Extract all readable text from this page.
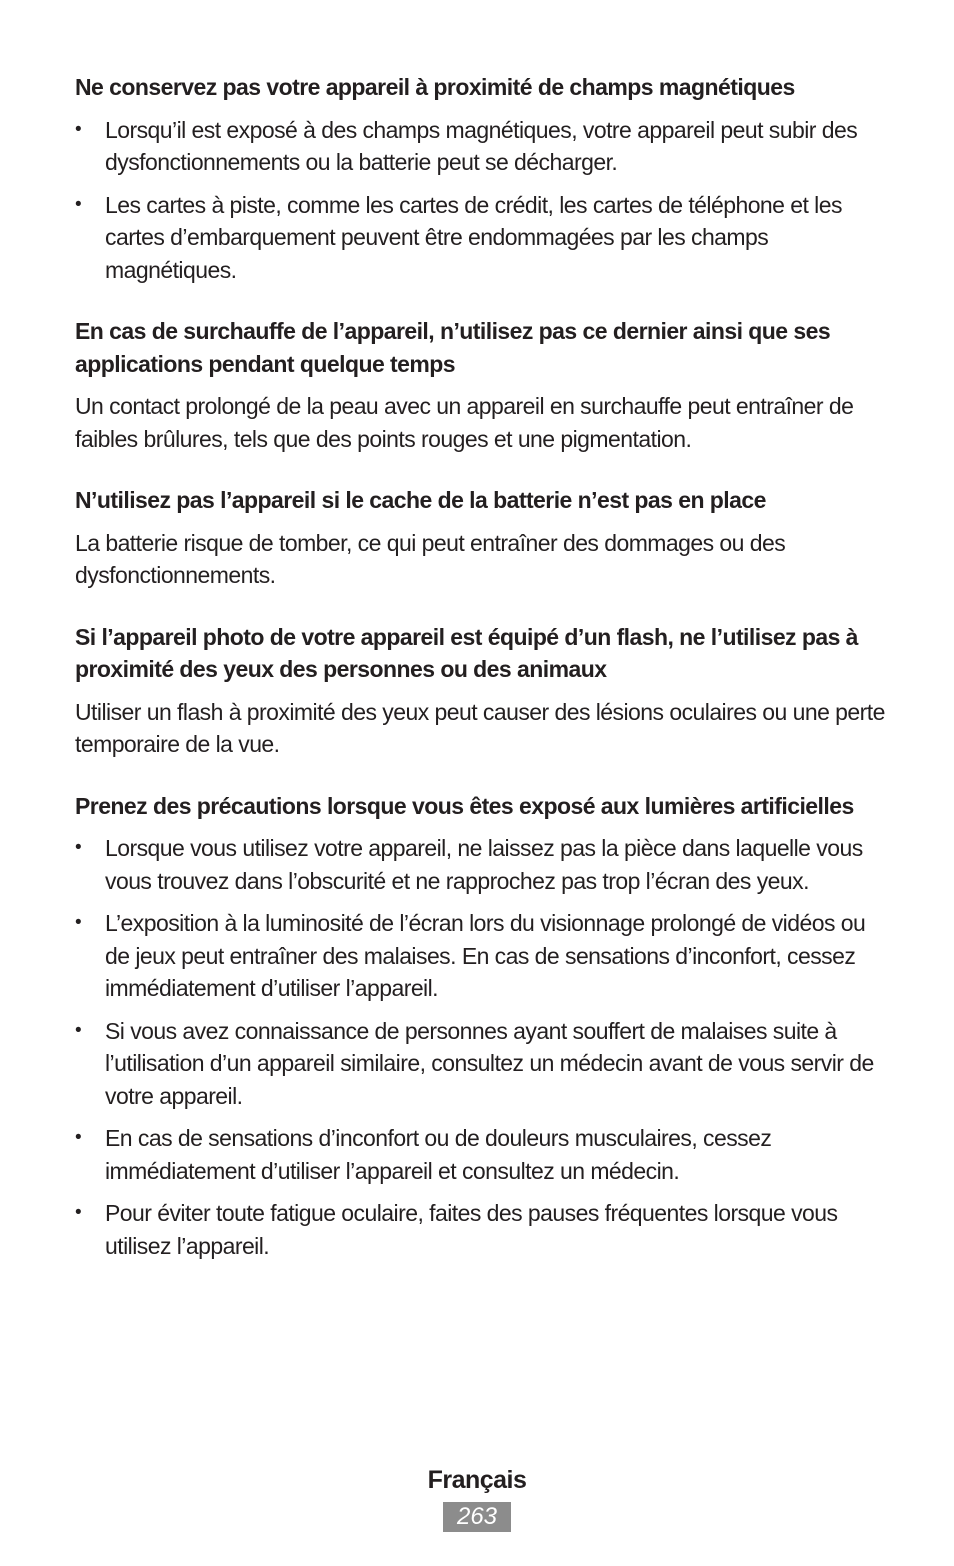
Ne conservez pas votre appareil à proximité de champs magnétiques
• Lorsqu’il est exposé à des champs magnétiques, votre appareil peut subir des dysfonctionnements ou la batterie peut se décharger.
• Les cartes à piste, comme les cartes de crédit, les cartes de téléphone et les cartes d’embarquement peuvent être endommagées par les champs magnétiques.
En cas de surchauffe de l’appareil, n’utilisez pas ce dernier ainsi que ses applications pendant quelque temps

Un contact prolongé de la peau avec un appareil en surchauffe peut entraîner de faibles brûlures, tels que des points rouges et une pigmentation.

N’utilisez pas l’appareil si le cache de la batterie n’est pas en place

La batterie risque de tomber, ce qui peut entraîner des dommages ou des dysfonctionnements.

Si l’appareil photo de votre appareil est équipé d’un flash, ne l’utilisez pas à proximité des yeux des personnes ou des animaux

Utiliser un flash à proximité des yeux peut causer des lésions oculaires ou une perte temporaire de la vue.

Prenez des précautions lorsque vous êtes exposé aux lumières artificielles
• Lorsque vous utilisez votre appareil, ne laissez pas la pièce dans laquelle vous vous trouvez dans l’obscurité et ne rapprochez pas trop l’écran des yeux.
• L’exposition à la luminosité de l’écran lors du visionnage prolongé de vidéos ou de jeux peut entraîner des malaises. En cas de sensations d’inconfort, cessez immédiatement d’utiliser l’appareil.
• Si vous avez connaissance de personnes ayant souffert de malaises suite à l’utilisation d’un appareil similaire, consultez un médecin avant de vous servir de votre appareil.
• En cas de sensations d’inconfort ou de douleurs musculaires, cessez immédiatement d’utiliser l’appareil et consultez un médecin.
• Pour éviter toute fatigue oculaire, faites des pauses fréquentes lorsque vous utilisez l’appareil.
Français
263
